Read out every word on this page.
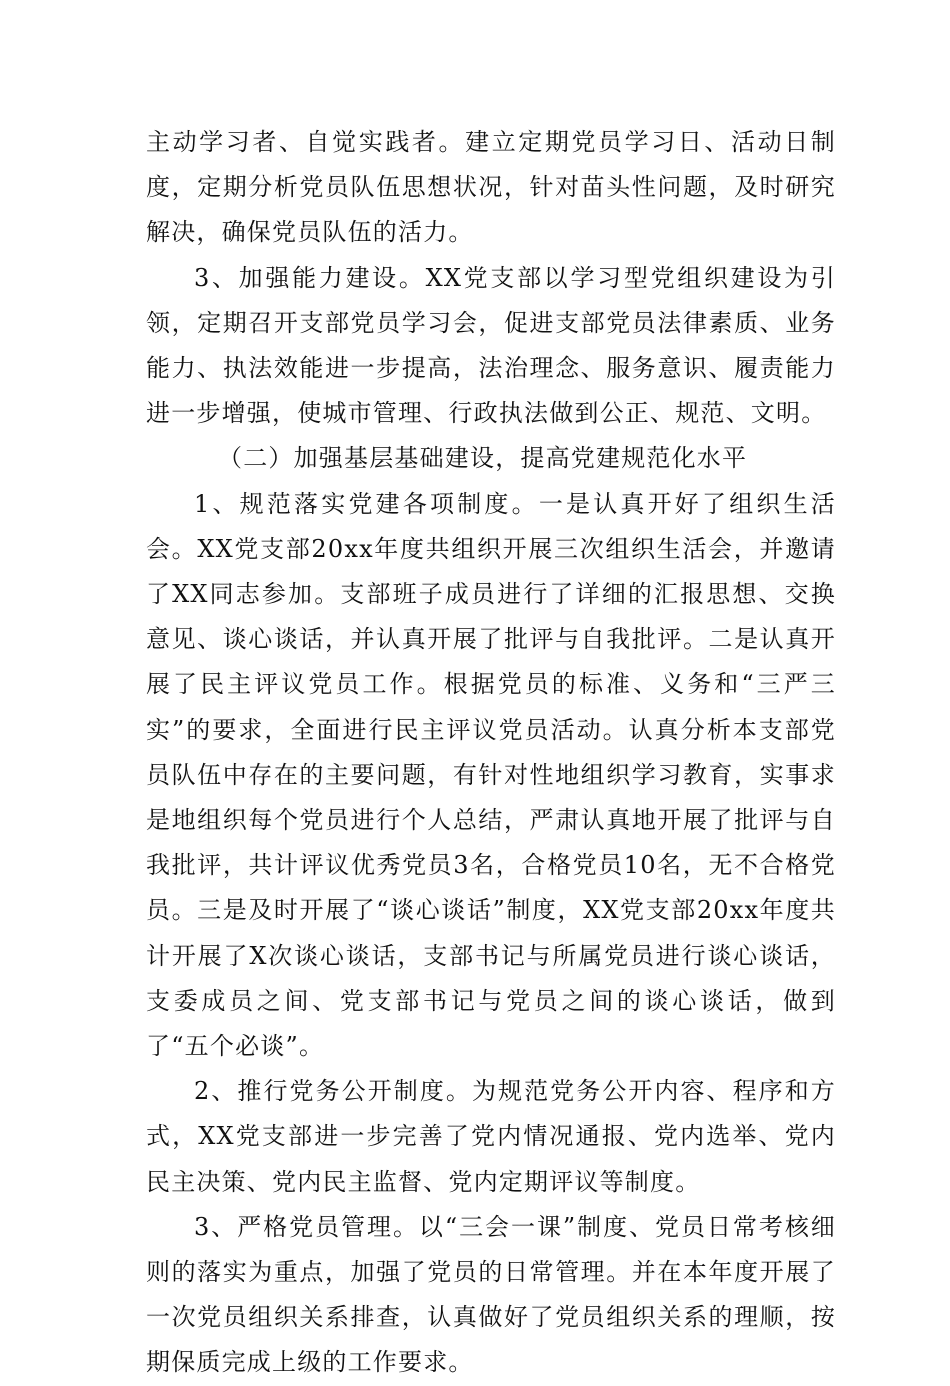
主动学习者、自觉实践者。建立定期党员学习日、活动日制度，定期分析党员队伍思想状况，针对苗头性问题，及时研究解决，确保党员队伍的活力。

3、加强能力建设。XX党支部以学习型党组织建设为引领，定期召开支部党员学习会，促进支部党员法律素质、业务能力、执法效能进一步提高，法治理念、服务意识、履责能力进一步增强，使城市管理、行政执法做到公正、规范、文明。

（二）加强基层基础建设，提高党建规范化水平

1、规范落实党建各项制度。一是认真开好了组织生活会。XX党支部20xx年度共组织开展三次组织生活会，并邀请了XX同志参加。支部班子成员进行了详细的汇报思想、交换意见、谈心谈话，并认真开展了批评与自我批评。二是认真开展了民主评议党员工作。根据党员的标准、义务和“三严三实”的要求，全面进行民主评议党员活动。认真分析本支部党员队伍中存在的主要问题，有针对性地组织学习教育，实事求是地组织每个党员进行个人总结，严肃认真地开展了批评与自我批评，共计评议优秀党员3名，合格党员10名，无不合格党员。三是及时开展了“谈心谈话”制度，XX党支部20xx年度共计开展了X次谈心谈话，支部书记与所属党员进行谈心谈话，支委成员之间、党支部书记与党员之间的谈心谈话，做到了“五个必谈”。

2、推行党务公开制度。为规范党务公开内容、程序和方式，XX党支部进一步完善了党内情况通报、党内选举、党内民主决策、党内民主监督、党内定期评议等制度。

3、严格党员管理。以“三会一课”制度、党员日常考核细则的落实为重点，加强了党员的日常管理。并在本年度开展了一次党员组织关系排查，认真做好了党员组织关系的理顺，按期保质完成上级的工作要求。
